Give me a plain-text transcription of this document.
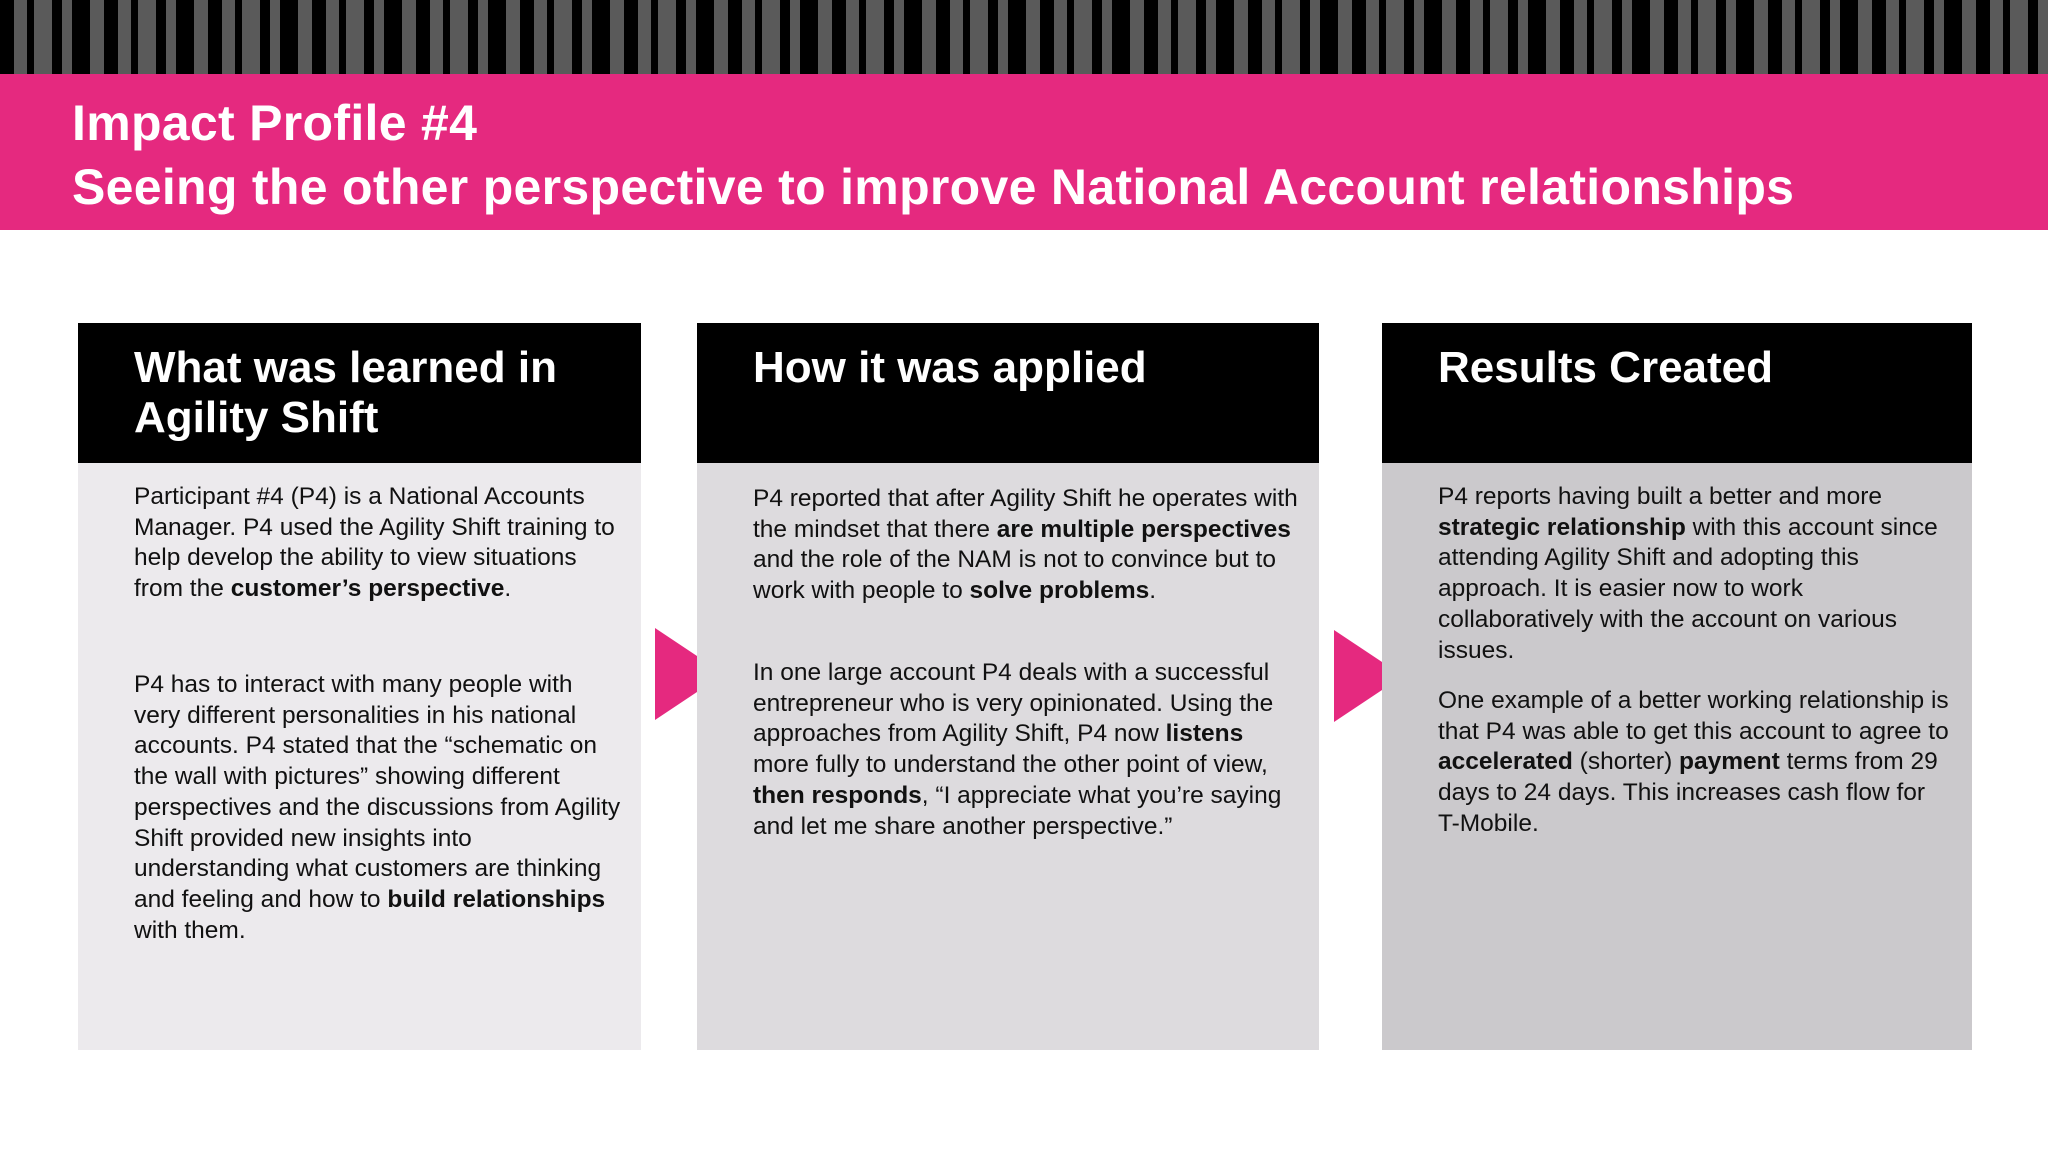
Impact Profile #4
Seeing the other perspective to improve National Account relationships
What was learned in Agility Shift
Participant #4 (P4) is a National Accounts Manager. P4 used the Agility Shift training to help develop the ability to view situations from the customer’s perspective.
P4 has to interact with many people with very different personalities in his national accounts. P4 stated that the “schematic on the wall with pictures” showing different perspectives and the discussions from Agility Shift provided new insights into understanding what customers are thinking and feeling and how to build relationships with them.
How it was applied
P4 reported that after Agility Shift he operates with the mindset that there are multiple perspectives and the role of the NAM is not to convince but to work with people to solve problems.
In one large account P4 deals with a successful entrepreneur who is very opinionated. Using the approaches from Agility Shift, P4 now listens more fully to understand the other point of view, then responds, “I appreciate what you’re saying and let me share another perspective.”
Results Created
P4 reports having built a better and more strategic relationship with this account since attending Agility Shift and adopting this approach. It is easier now to work collaboratively with the account on various issues.
One example of a better working relationship is that P4 was able to get this account to agree to accelerated (shorter) payment terms from 29 days to 24 days. This increases cash flow for T-Mobile.
